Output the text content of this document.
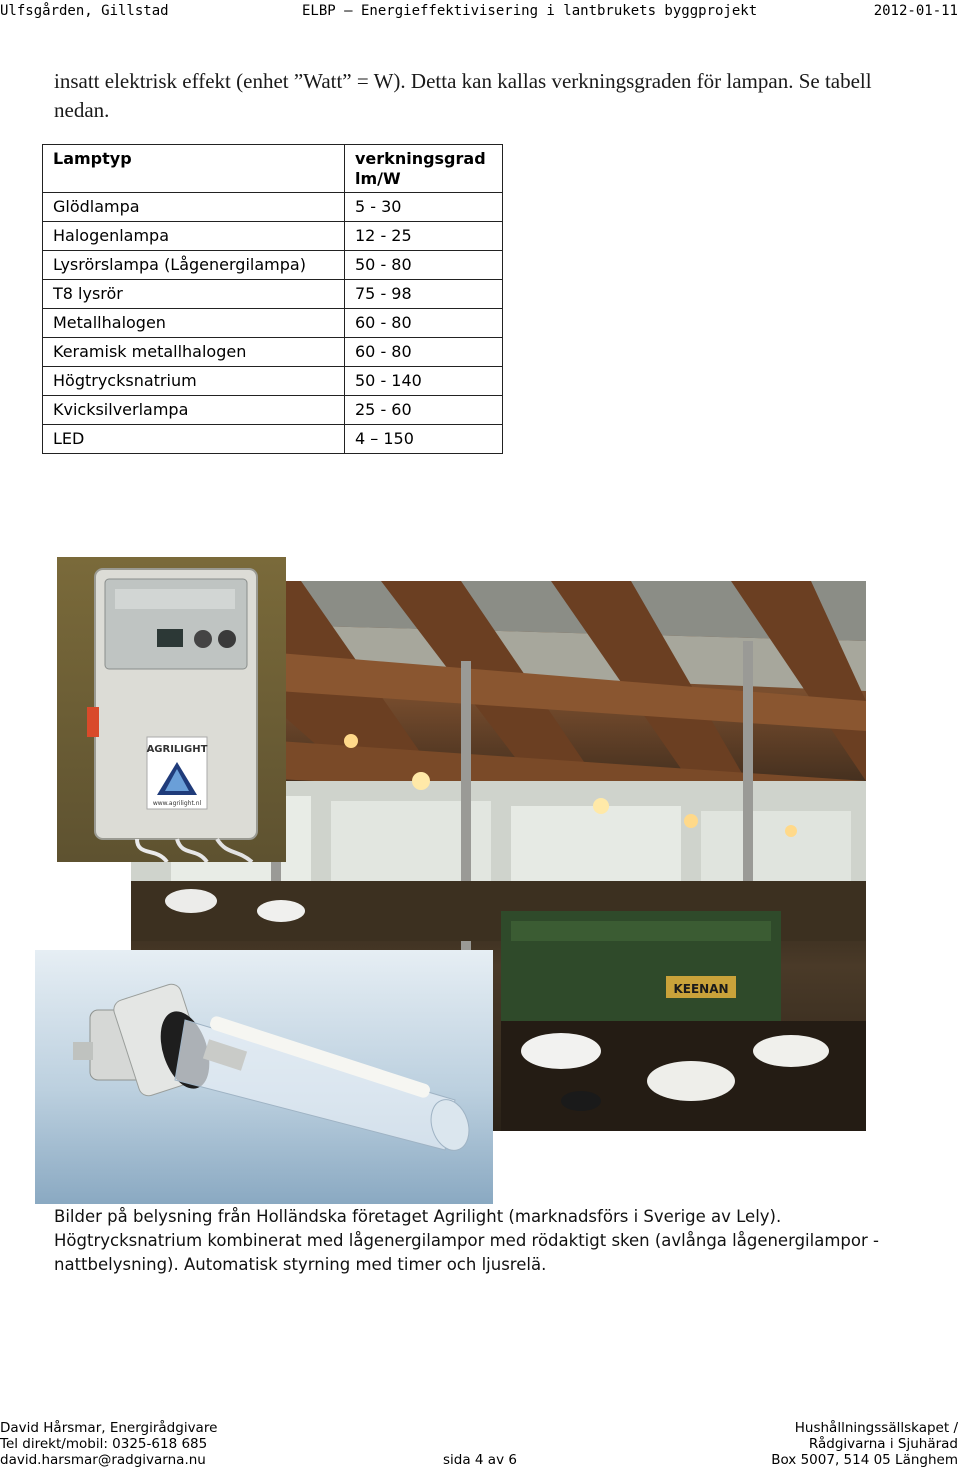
Ulfsgården, Gillstad	ELBP – Energieffektivisering i lantbrukets byggprojekt	2012-01-11

insatt elektrisk effekt (enhet ”Watt” = W). Detta kan kallas verkningsgraden för lampan. Se tabell nedan.

Lamptyp	verkningsgrad lm/W
Glödlampa	5 - 30
Halogenlampa	12 - 25
Lysrörslampa (Lågenergilampa)	50 - 80
T8 lysrör	75 - 98
Metallhalogen	60 - 80
Keramisk metallhalogen	60 - 80
Högtrycksnatrium	50 - 140
Kvicksilverlampa	25 - 60
LED	4 – 150
KEENAN
AGRILIGHT
www.agrilight.nl

Bilder på belysning från Holländska företaget Agrilight (marknadsförs i Sverige av Lely). Högtrycksnatrium kombinerat med lågenergilampor med rödaktigt sken (avlånga lågenergilampor - nattbelysning). Automatisk styrning med timer och ljusrelä.

David Hårsmar, Energirådgivare
Tel direkt/mobil: 0325-618 685
david.harsmar@radgivarna.nu	sida 4 av 6
Hushållningssällskapet /
Rådgivarna i Sjuhärad
Box 5007, 514 05 Länghem
